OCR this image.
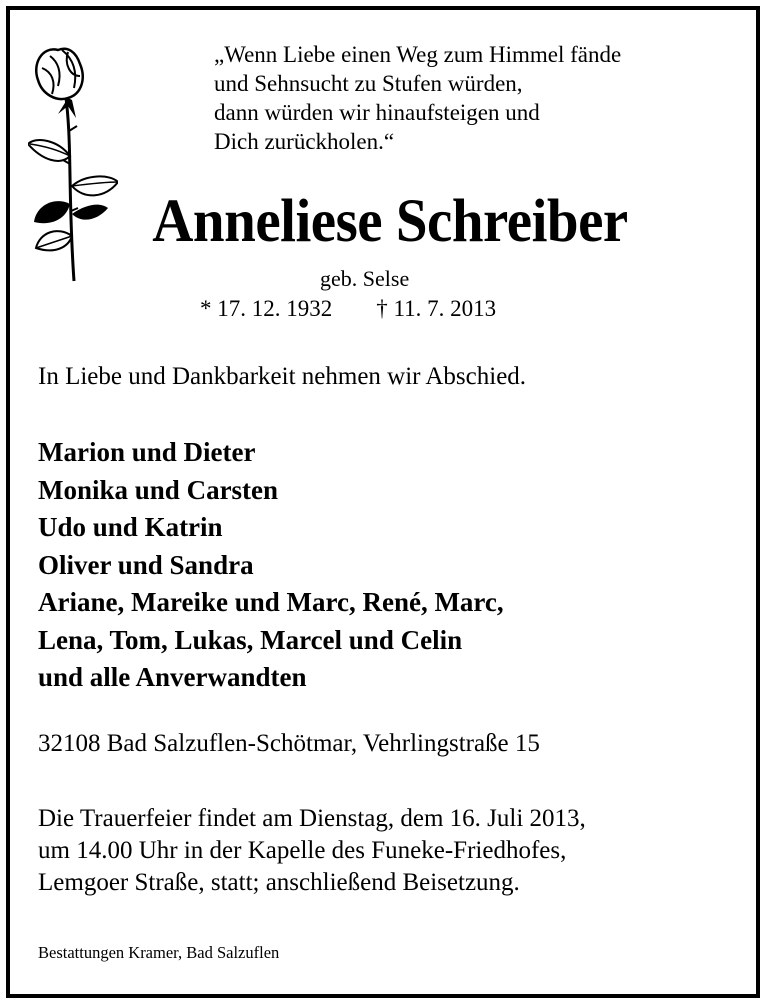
„Wenn Liebe einen Weg zum Himmel fände
und Sehnsucht zu Stufen würden,
dann würden wir hinaufsteigen und
Dich zurückholen.“
Anneliese Schreiber
geb. Selse
* 17. 12. 1932 † 11. 7. 2013
In Liebe und Dankbarkeit nehmen wir Abschied.
Marion und Dieter
Monika und Carsten
Udo und Katrin
Oliver und Sandra
Ariane, Mareike und Marc, René, Marc,
Lena, Tom, Lukas, Marcel und Celin
und alle Anverwandten
32108 Bad Salzuflen-Schötmar, Vehrlingstraße 15
Die Trauerfeier findet am Dienstag, dem 16. Juli 2013,
um 14.00 Uhr in der Kapelle des Funeke-Friedhofes,
Lemgoer Straße, statt; anschließend Beisetzung.
Bestattungen Kramer, Bad Salzuflen
